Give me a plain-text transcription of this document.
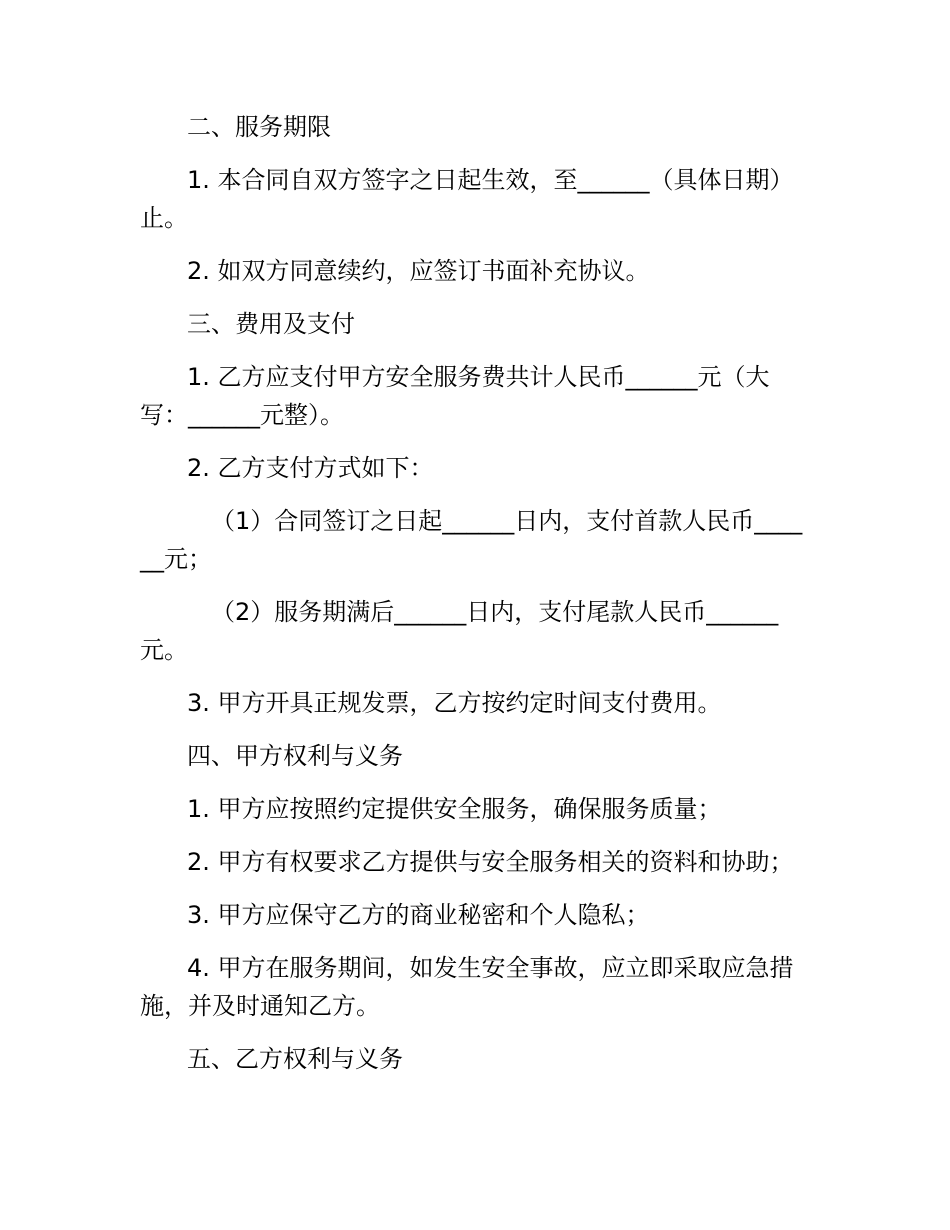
二、服务期限

1. 本合同自双方签字之日起生效，至______（具体日期）止。

2. 如双方同意续约，应签订书面补充协议。

三、费用及支付

1. 乙方应支付甲方安全服务费共计人民币______元（大写：______元整）。

2. 乙方支付方式如下：

（1）合同签订之日起______日内，支付首款人民币______元；

（2）服务期满后______日内，支付尾款人民币______元。

3. 甲方开具正规发票，乙方按约定时间支付费用。

四、甲方权利与义务

1. 甲方应按照约定提供安全服务，确保服务质量；

2. 甲方有权要求乙方提供与安全服务相关的资料和协助；

3. 甲方应保守乙方的商业秘密和个人隐私；

4. 甲方在服务期间，如发生安全事故，应立即采取应急措施，并及时通知乙方。

五、乙方权利与义务
